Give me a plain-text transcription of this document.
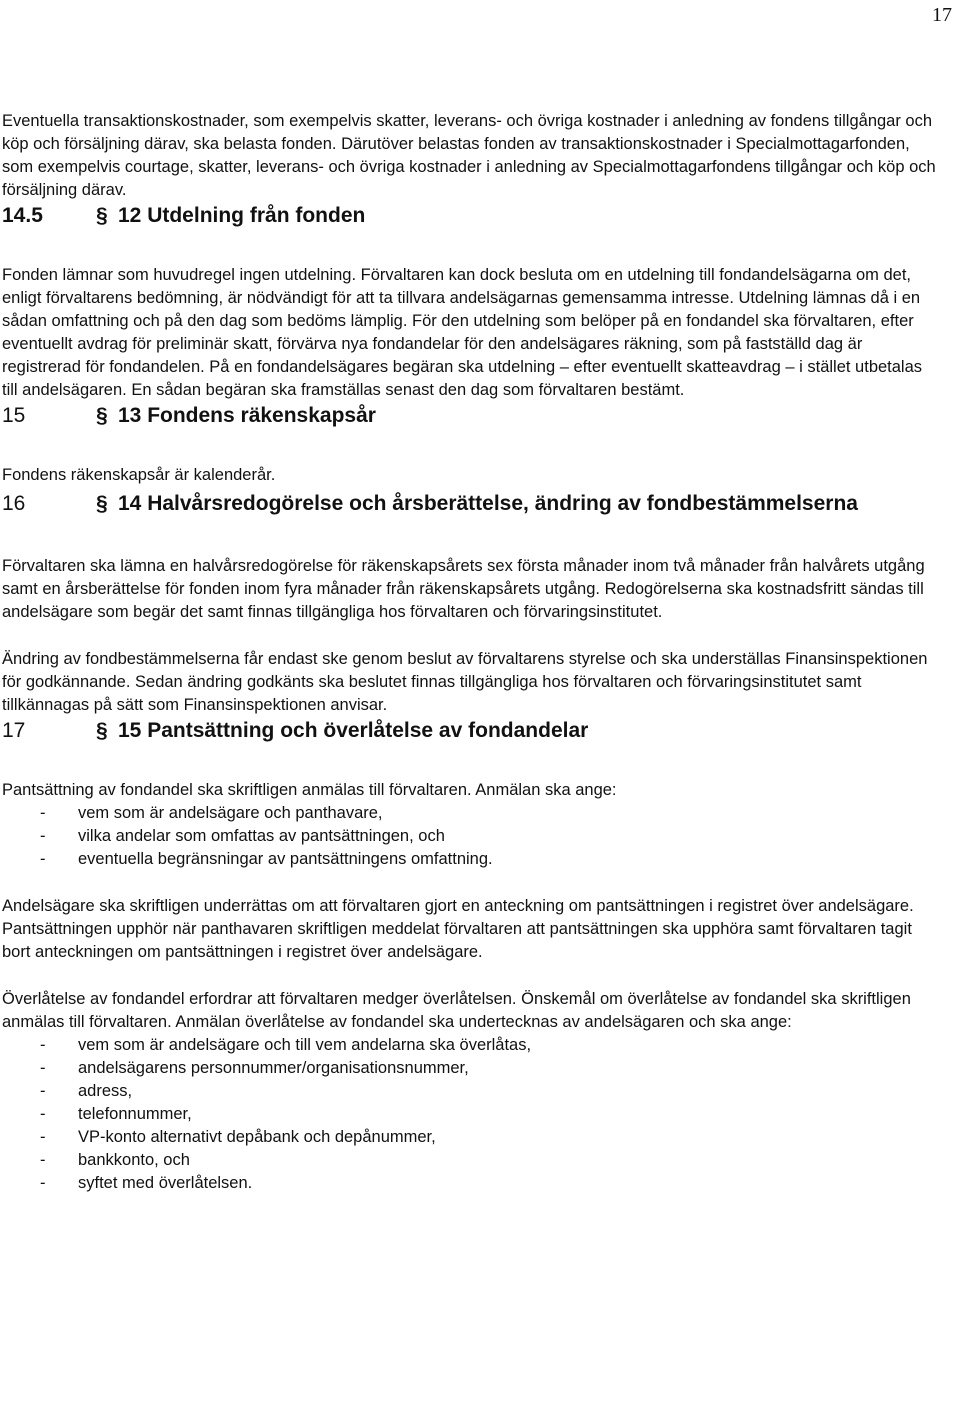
17

Eventuella transaktionskostnader, som exempelvis skatter, leverans- och övriga kostnader i anledning av fondens tillgångar och köp och försäljning därav, ska belasta fonden. Därutöver belastas fonden av transaktionskostnader i Specialmottagarfonden, som exempelvis courtage, skatter, leverans- och övriga kostnader i anledning av Specialmottagarfondens tillgångar och köp och försäljning därav.

14.5	§ 12 Utdelning från fonden

Fonden lämnar som huvudregel ingen utdelning. Förvaltaren kan dock besluta om en utdelning till fondandelsägarna om det, enligt förvaltarens bedömning, är nödvändigt för att ta tillvara andelsägarnas gemensamma intresse. Utdelning lämnas då i en sådan omfattning och på den dag som bedöms lämplig. För den utdelning som belöper på en fondandel ska förvaltaren, efter eventuellt avdrag för preliminär skatt, förvärva nya fondandelar för den andelsägares räkning, som på fastställd dag är registrerad för fondandelen. På en fondandelsägares begäran ska utdelning – efter eventuellt skatteavdrag – i stället utbetalas till andelsägaren. En sådan begäran ska framställas senast den dag som förvaltaren bestämt.

15	§ 13 Fondens räkenskapsår

Fondens räkenskapsår är kalenderår.

16	§ 14 Halvårsredogörelse och årsberättelse, ändring av fondbestämmelserna

Förvaltaren ska lämna en halvårsredogörelse för räkenskapsårets sex första månader inom två månader från halvårets utgång samt en årsberättelse för fonden inom fyra månader från räkenskapsårets utgång. Redogörelserna ska kostnadsfritt sändas till andelsägare som begär det samt finnas tillgängliga hos förvaltaren och förvaringsinstitutet.

Ändring av fondbestämmelserna får endast ske genom beslut av förvaltarens styrelse och ska underställas Finansinspektionen för godkännande. Sedan ändring godkänts ska beslutet finnas tillgängliga hos förvaltaren och förvaringsinstitutet samt tillkännagas på sätt som Finansinspektionen anvisar.

17	§ 15 Pantsättning och överlåtelse av fondandelar

Pantsättning av fondandel ska skriftligen anmälas till förvaltaren. Anmälan ska ange:

-	vem som är andelsägare och panthavare,
-	vilka andelar som omfattas av pantsättningen, och
-	eventuella begränsningar av pantsättningens omfattning.

Andelsägare ska skriftligen underrättas om att förvaltaren gjort en anteckning om pantsättningen i registret över andelsägare. Pantsättningen upphör när panthavaren skriftligen meddelat förvaltaren att pantsättningen ska upphöra samt förvaltaren tagit bort anteckningen om pantsättningen i registret över andelsägare.

Överlåtelse av fondandel erfordrar att förvaltaren medger överlåtelsen. Önskemål om överlåtelse av fondandel ska skriftligen anmälas till förvaltaren. Anmälan överlåtelse av fondandel ska undertecknas av andelsägaren och ska ange:

-	vem som är andelsägare och till vem andelarna ska överlåtas,
-	andelsägarens personnummer/organisationsnummer,
-	adress,
-	telefonnummer,
-	VP-konto alternativt depåbank och depånummer,
-	bankkonto, och
-	syftet med överlåtelsen.
